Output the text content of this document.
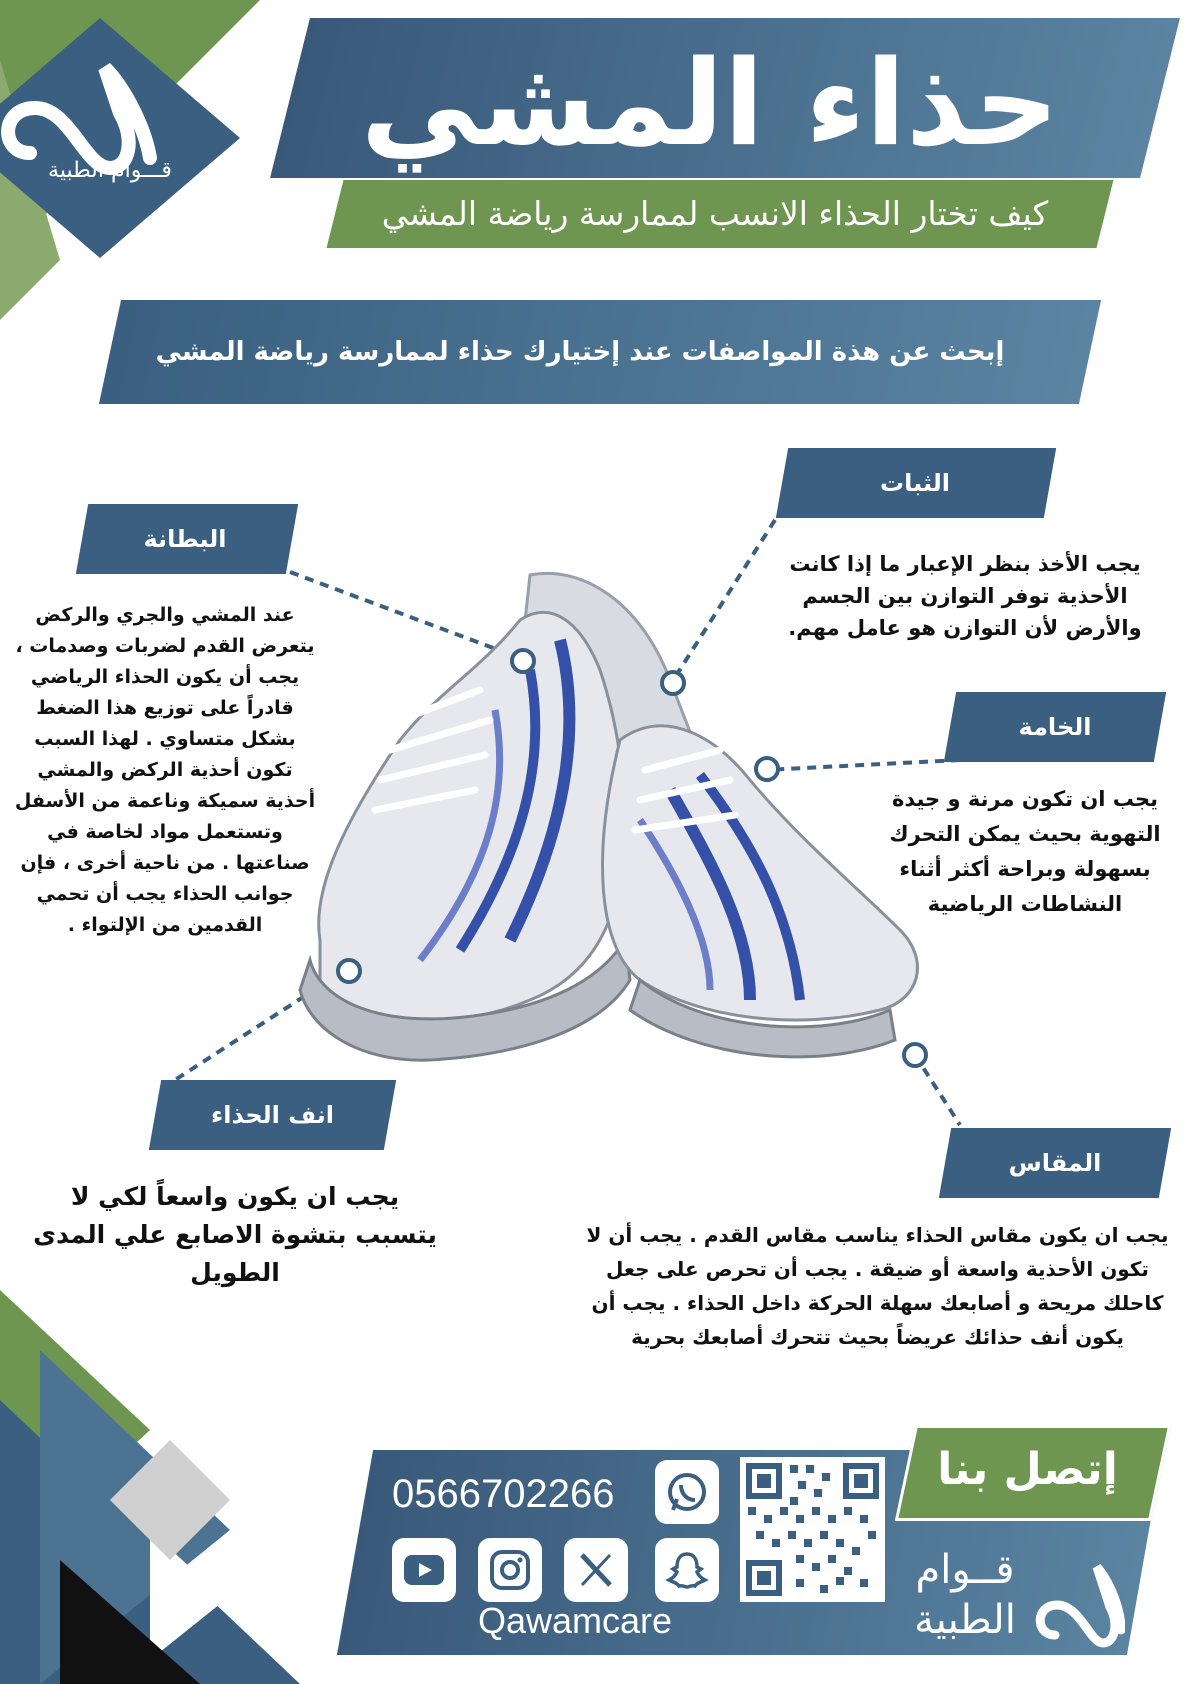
قـــوام الطبية	حذاء المشي
كيف تختار الحذاء الانسب لممارسة رياضة المشي
إبحث عن هذة المواصفات عند إختيارك حذاء لممارسة رياضة المشي
الثبات
يجب الأخذ بنظر الإعبار ما إذا كانت الأحذية توفر التوازن بين الجسم والأرض لأن التوازن هو عامل مهم.
البطانة
عند المشي والجري والركض يتعرض القدم لضربات وصدمات ، يجب أن يكون الحذاء الرياضي قادراً على توزيع هذا الضغط بشكل متساوي . لهذا السبب تكون أحذية الركض والمشي أحذية سميكة وناعمة من الأسفل وتستعمل مواد لخاصة في صناعتها . من ناحية أخرى ، فإن جوانب الحذاء يجب أن تحمي القدمين من الإلتواء .
الخامة
يجب ان تكون مرنة و جيدة التهوية بحيث يمكن التحرك بسهولة وبراحة أكثر أثناء النشاطات الرياضية
انف الحذاء
يجب ان يكون واسعاً لكي لا يتسبب بتشوة الاصابع علي المدى الطويل
المقاس
يجب ان يكون مقاس الحذاء يناسب مقاس القدم . يجب أن لا تكون الأحذية واسعة أو ضيقة . يجب أن تحرص على جعل كاحلك مريحة و أصابعك سهلة الحركة داخل الحذاء . يجب أن يكون أنف حذائك عريضاً بحيث تتحرك أصابعك بحرية
إتصل بنا
0566702266
Qawamcare
قــوام
الطبية
